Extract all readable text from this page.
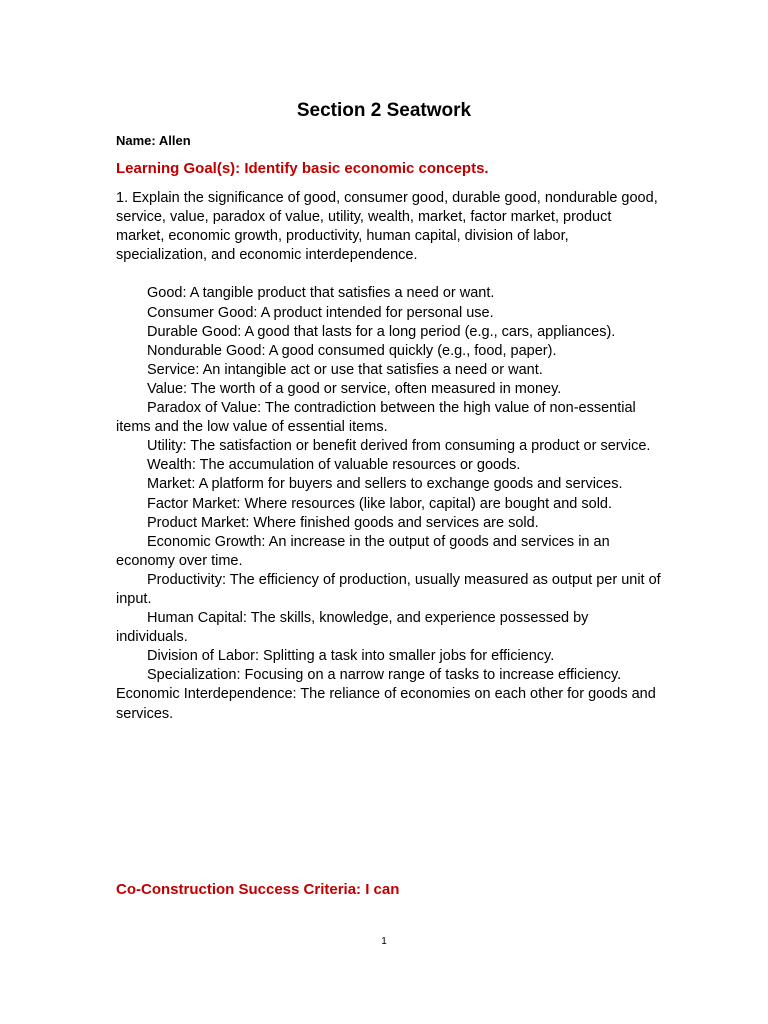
Section 2 Seatwork
Name: Allen
Learning Goal(s): Identify basic economic concepts.

1. Explain the significance of good, consumer good, durable good, nondurable good, service, value, paradox of value, utility, wealth, market, factor market, product market, economic growth, productivity, human capital, division of labor, specialization, and economic interdependence.

Good: A tangible product that satisfies a need or want.

Consumer Good: A product intended for personal use.

Durable Good: A good that lasts for a long period (e.g., cars, appliances).

Nondurable Good: A good consumed quickly (e.g., food, paper).

Service: An intangible act or use that satisfies a need or want.

Value: The worth of a good or service, often measured in money.

Paradox of Value: The contradiction between the high value of non-essential items and the low value of essential items.

Utility: The satisfaction or benefit derived from consuming a product or service.

Wealth: The accumulation of valuable resources or goods.

Market: A platform for buyers and sellers to exchange goods and services.

Factor Market: Where resources (like labor, capital) are bought and sold.

Product Market: Where finished goods and services are sold.

Economic Growth: An increase in the output of goods and services in an economy over time.

Productivity: The efficiency of production, usually measured as output per unit of input.

Human Capital: The skills, knowledge, and experience possessed by individuals.

Division of Labor: Splitting a task into smaller jobs for efficiency.

Specialization: Focusing on a narrow range of tasks to increase efficiency.

Economic Interdependence: The reliance of economies on each other for goods and services.

Co-Construction Success Criteria: I can
1
